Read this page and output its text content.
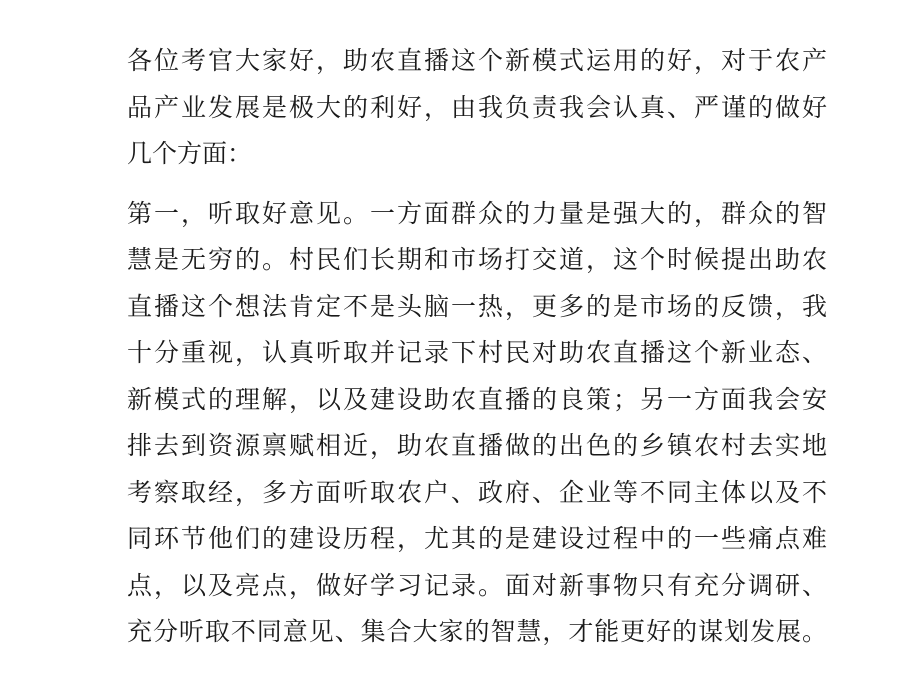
各位考官大家好，助农直播这个新模式运用的好，对于农产
品产业发展是极大的利好，由我负责我会认真、严谨的做好
几个方面：
第一，听取好意见。一方面群众的力量是强大的，群众的智
慧是无穷的。村民们长期和市场打交道，这个时候提出助农
直播这个想法肯定不是头脑一热，更多的是市场的反馈，我
十分重视，认真听取并记录下村民对助农直播这个新业态、
新模式的理解，以及建设助农直播的良策；另一方面我会安
排去到资源禀赋相近，助农直播做的出色的乡镇农村去实地
考察取经，多方面听取农户、政府、企业等不同主体以及不
同环节他们的建设历程，尤其的是建设过程中的一些痛点难
点，以及亮点，做好学习记录。面对新事物只有充分调研、
充分听取不同意见、集合大家的智慧，才能更好的谋划发展。
